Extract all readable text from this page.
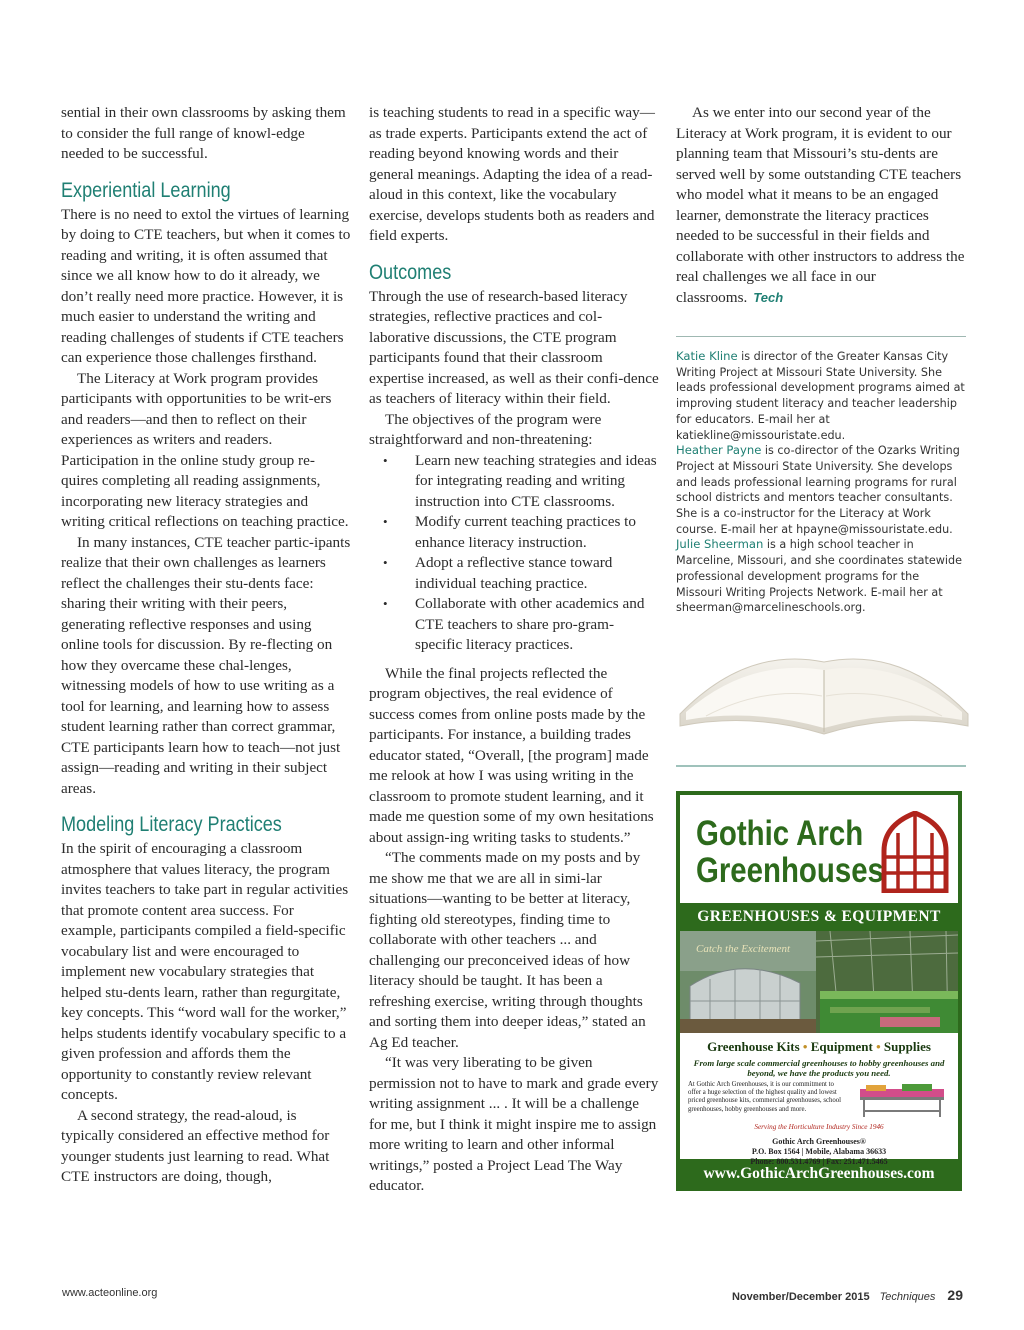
sential in their own classrooms by asking them to consider the full range of knowl-edge needed to be successful.

Experiential Learning

There is no need to extol the virtues of learning by doing to CTE teachers, but when it comes to reading and writing, it is often assumed that since we all know how to do it already, we don’t really need more practice. However, it is much easier to understand the writing and reading challenges of students if CTE teachers can experience those challenges firsthand.

The Literacy at Work program provides participants with opportunities to be writ-ers and readers—and then to reflect on their experiences as writers and readers. Participation in the online study group re-quires completing all reading assignments, incorporating new literacy strategies and writing critical reflections on teaching practice.

In many instances, CTE teacher partic-ipants realize that their own challenges as learners reflect the challenges their stu-dents face: sharing their writing with their peers, generating reflective responses and using online tools for discussion. By re-flecting on how they overcame these chal-lenges, witnessing models of how to use writing as a tool for learning, and learning how to assess student learning rather than correct grammar, CTE participants learn how to teach—not just assign—reading and writing in their subject areas.

Modeling Literacy Practices

In the spirit of encouraging a classroom atmosphere that values literacy, the program invites teachers to take part in regular activities that promote content area success. For example, participants compiled a field-specific vocabulary list and were encouraged to implement new vocabulary strategies that helped stu-dents learn, rather than regurgitate, key concepts. This “word wall for the worker,” helps students identify vocabulary specific to a given profession and affords them the opportunity to constantly review relevant concepts.

A second strategy, the read-aloud, is typically considered an effective method for younger students just learning to read. What CTE instructors are doing, though,

is teaching students to read in a specific way—as trade experts. Participants extend the act of reading beyond knowing words and their general meanings. Adapting the idea of a read-aloud in this context, like the vocabulary exercise, develops students both as readers and field experts.

Outcomes

Through the use of research-based literacy strategies, reflective practices and col-laborative discussions, the CTE program participants found that their classroom expertise increased, as well as their confi-dence as teachers of literacy within their field.

The objectives of the program were straightforward and non-threatening:

• Learn new teaching strategies and ideas for integrating reading and writing instruction into CTE classrooms.
• Modify current teaching practices to enhance literacy instruction.
• Adopt a reflective stance toward individual teaching practice.
• Collaborate with other academics and CTE teachers to share pro-gram-specific literacy practices.

While the final projects reflected the program objectives, the real evidence of success comes from online posts made by the participants. For instance, a building trades educator stated, “Overall, [the program] made me relook at how I was using writing in the classroom to promote student learning, and it made me question some of my own hesitations about assign-ing writing tasks to students.”

“The comments made on my posts and by me show me that we are all in simi-lar situations—wanting to be better at literacy, fighting old stereotypes, finding time to collaborate with other teachers ... and challenging our preconceived ideas of how literacy should be taught. It has been a refreshing exercise, writing through thoughts and sorting them into deeper ideas,” stated an Ag Ed teacher.

“It was very liberating to be given permission not to have to mark and grade every writing assignment ... . It will be a challenge for me, but I think it might inspire me to assign more writing to learn and other informal writings,” posted a Project Lead The Way educator.

As we enter into our second year of the Literacy at Work program, it is evident to our planning team that Missouri’s stu-dents are served well by some outstanding CTE teachers who model what it means to be an engaged learner, demonstrate the literacy practices needed to be successful in their fields and collaborate with other instructors to address the real challenges we all face in our classrooms. Tech

Katie Kline is director of the Greater Kansas City Writing Project at Missouri State University. She leads professional development programs aimed at improving student literacy and teacher leadership for educators. E-mail her at katiekline@missouristate.edu.

Heather Payne is co-director of the Ozarks Writing Project at Missouri State University. She develops and leads professional learning programs for rural school districts and mentors teacher consultants. She is a co-instructor for the Literacy at Work course. E-mail her at hpayne@missouristate.edu.

Julie Sheerman is a high school teacher in Marceline, Missouri, and she coordinates statewide professional development programs for the Missouri Writing Projects Network. E-mail her at sheerman@marcelineschools.org.

Gothic Arch
Greenhouses
GREENHOUSES & EQUIPMENT
Catch the Excitement
Greenhouse Kits • Equipment • Supplies
From large scale commercial greenhouses to hobby greenhouses and beyond, we have the products you need.
At Gothic Arch Greenhouses, it is our commitment to offer a huge selection of the highest quality and lowest priced greenhouse kits, commercial greenhouses, school greenhouses, hobby greenhouses and more.
Serving the Horticulture Industry Since 1946
Gothic Arch Greenhouses®
P.O. Box 1564 | Mobile, Alabama 36633
Phone: 800.531.4769 | Fax: 251.471.5465
www.GothicArchGreenhouses.com
www.acteonline.org	November/December 2015 Techniques 29
